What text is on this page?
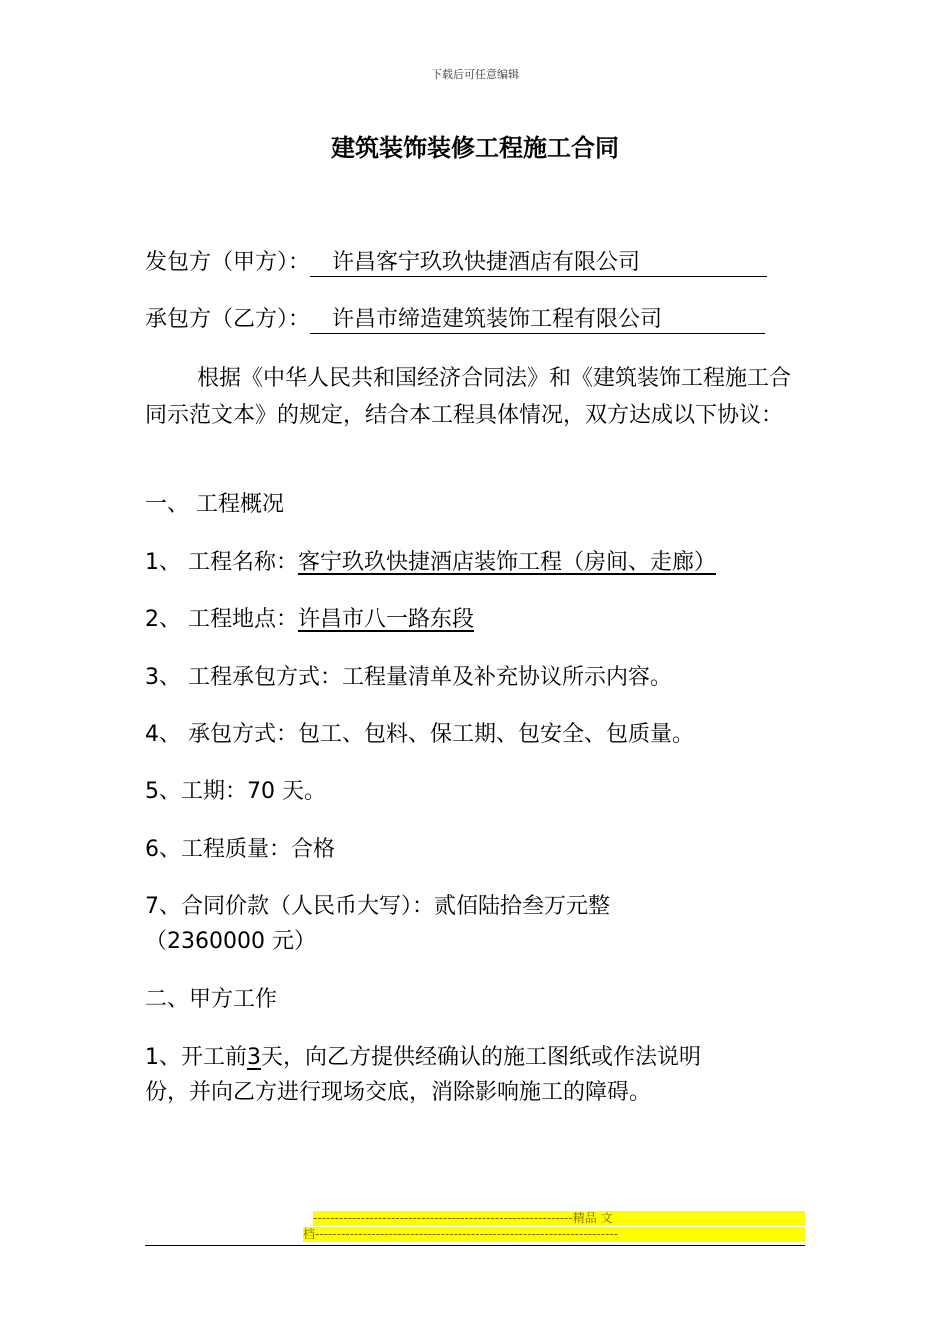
下载后可任意编辑
建筑装饰装修工程施工合同
发包方（甲方）： 许昌客宁玖玖快捷酒店有限公司
承包方（乙方）： 许昌市缔造建筑装饰工程有限公司
根据《中华人民共和国经济合同法》和《建筑装饰工程施工合同示范文本》的规定，结合本工程具体情况，双方达成以下协议：
一、 工程概况
1、 工程名称：客宁玖玖快捷酒店装饰工程（房间、走廊）
2、 工程地点：许昌市八一路东段
3、 工程承包方式：工程量清单及补充协议所示内容。
4、 承包方式：包工、包料、保工期、包安全、包质量。
5、工期：70 天。
6、工程质量：合格
7、合同价款（人民币大写）：贰佰陆拾叁万元整
（2360000 元）
二、甲方工作
1、开工前3天，向乙方提供经确认的施工图纸或作法说明
份，并向乙方进行现场交底，消除影响施工的障碍。
------------------------------------------------------------精品 文
档----------------------------------------------------------------------
